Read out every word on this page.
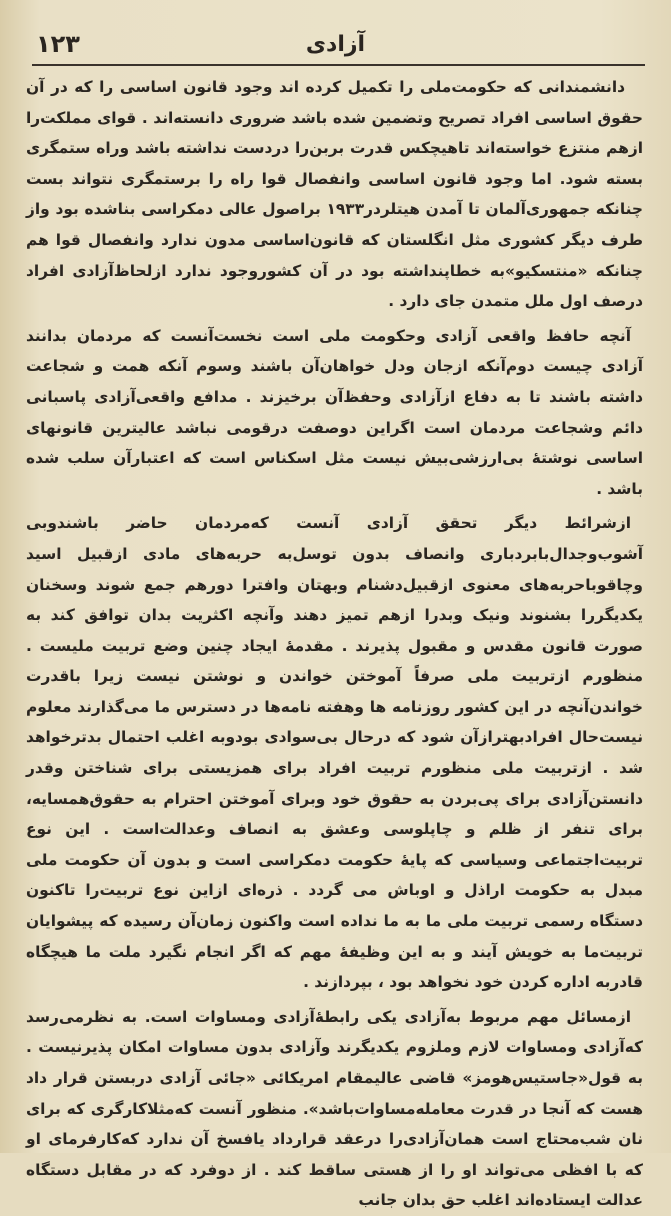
۱۲۳	آزادی

دانشمندانی که حکومت‌ملی را تکمیل کرده اند وجود قانون اساسی را که در آن حقوق اساسی افراد تصریح وتضمین شده باشد ضروری دانسته‌اند . قوای مملکت‌را ازهم منتزع خواسته‌اند تاهیچکس قدرت بربن‌را دردست نداشته باشد وراه ستمگری بسته شود. اما وجود قانون اساسی وانفصال قوا راه را برستمگری نتواند بست چنانکه جمهوری‌آلمان تا آمدن هیتلردر۱۹۳۳ براصول عالی دمکراسی بناشده بود واز طرف دیگر کشوری مثل انگلستان که قانون‌اساسی مدون ندارد وانفصال قوا هم چنانکه «منتسکیو»به خطاپنداشته بود در آن کشوروجود ندارد ازلحاظ‌آزادی افراد درصف اول ملل متمدن جای دارد .

آنچه حافظ واقعی آزادی وحکومت ملی است نخست‌آنست که مردمان بدانند آزادی چیست دوم‌آنکه ازجان ودل خواهان‌آن باشند وسوم آنکه همت و شجاعت داشته باشند تا به دفاع ازآزادی وحفظ‌آن برخیزند . مدافع واقعی‌آزادی پاسبانی دائم وشجاعت مردمان است اگراین دوصفت درقومی نباشد عالیترین قانونهای اساسی نوشتهٔ بی‌ارزشی‌بیش نیست مثل اسکناس است که اعتبارآن سلب شده باشد .

ازشرائط دیگر تحقق آزادی آنست که‌مردمان حاضر باشندوبی آشوب‌وجدال‌بابردباری وانصاف بدون توسل‌به حربه‌های مادی ازقبیل اسید وچاقوباحربه‌های معنوی ازقبیل‌دشنام وبهتان وافترا دورهم جمع شوند وسخنان یکدیگررا بشنوند ونیک وبدرا ازهم تمیز دهند وآنچه اکثریت بدان توافق کند به صورت قانون مقدس و مقبول پذیرند . مقدمهٔ ایجاد چنین وضع تربیت ملیست . منظورم ازتربیت ملی صرفاً آموختن خواندن و نوشتن نیست زیرا باقدرت خواندن‌آنچه در این کشور روزنامه ها وهفته نامه‌ها در دسترس ما می‌گذارند معلوم نیست‌حال افرادبهترازآن شود که درحال بی‌سوادی بودوبه اغلب احتمال بدترخواهد شد . ازتربیت ملی منظورم تربیت افراد برای همزیستی برای شناختن وقدر دانستن‌آزادی برای پی‌بردن به حقوق خود وبرای آموختن احترام به حقوق‌همسایه، برای تنفر از ظلم و چاپلوسی وعشق به انصاف وعدالت‌است . این نوع تربیت‌اجتماعی وسیاسی که پایهٔ حکومت دمکراسی است و بدون آن حکومت ملی مبدل به حکومت اراذل و اوباش می گردد . ذره‌ای ازاین نوع تربیت‌را تاکنون دستگاه رسمی تربیت ملی ما به ما نداده است واکنون زمان‌آن رسیده که پیشوایان تربیت‌ما به خویش آیند و به این وظیفهٔ مهم که اگر انجام نگیرد ملت ما هیچگاه قادربه اداره کردن خود نخواهد بود ، بپردازند .

ازمسائل مهم مربوط به‌آزادی یکی رابطهٔ‌آزادی ومساوات است. به نظرمی‌رسد که‌آزادی ومساوات لازم وملزوم یکدیگرند وآزادی بدون مساوات امکان پذیرنیست . به قول«جاستیس‌هومز» قاضی عالیمقام امریکائی «جائی آزادی دربستن قرار داد هست که آنجا در قدرت معامله‌مساوات‌باشد». منظور آنست که‌مثلاکارگری که برای نان شب‌محتاج است همان‌آزادی‌را درعقد قرارداد یافسخ آن ندارد که‌کارفرمای او که با افظی می‌تواند او را از هستی ساقط کند . از دوفرد که در مقابل دستگاه عدالت ایستاده‌اند اغلب حق بدان جانب
